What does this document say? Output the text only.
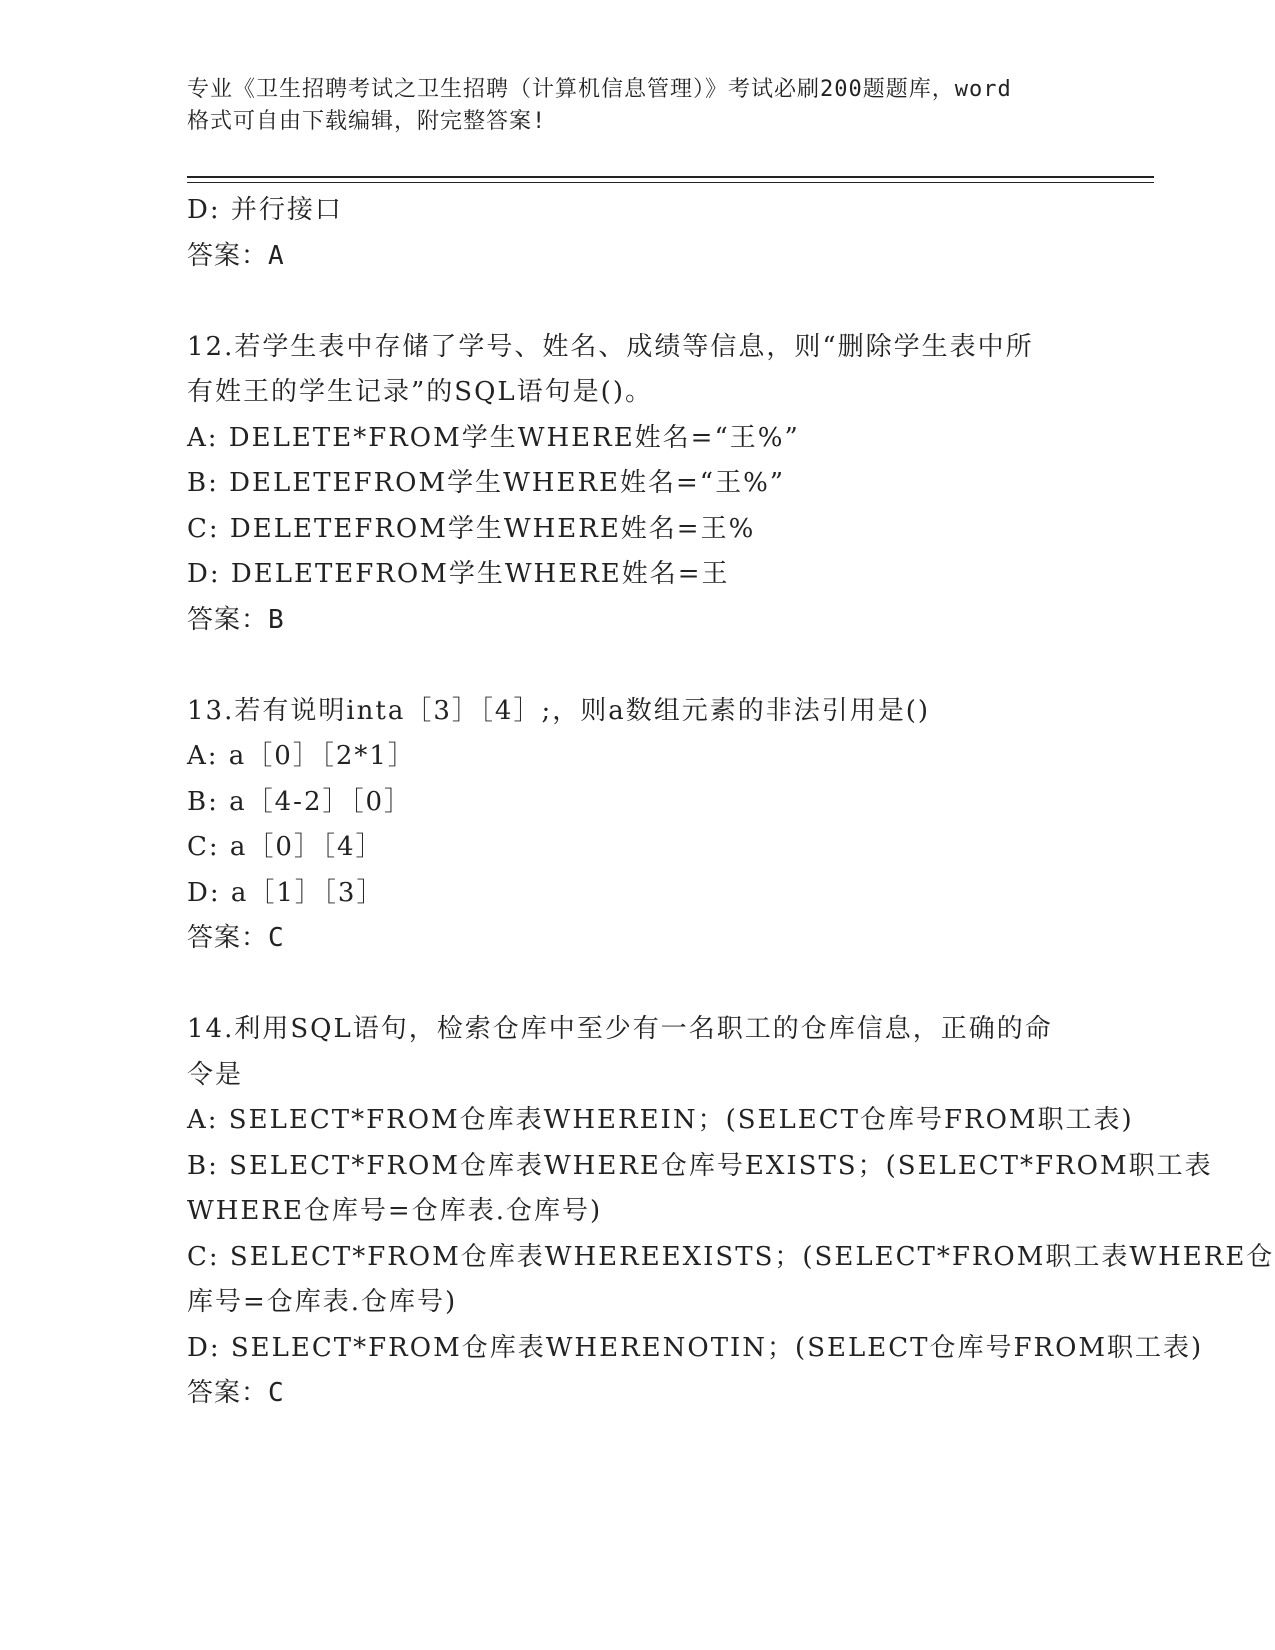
专业《卫生招聘考试之卫生招聘（计算机信息管理）》考试必刷200题题库，word
格式可自由下载编辑，附完整答案!
D: 并行接口
答案：A
12.若学生表中存储了学号、姓名、成绩等信息，则“删除学生表中所
有姓王的学生记录”的SQL语句是()。
A: DELETE*FROM学生WHERE姓名=“王%”
B: DELETEFROM学生WHERE姓名=“王%”
C: DELETEFROM学生WHERE姓名=王%
D: DELETEFROM学生WHERE姓名=王
答案：B
13.若有说明inta［3］［4］;，则a数组元素的非法引用是()
A: a［0］［2*1］
B: a［4-2］［0］
C: a［0］［4］
D: a［1］［3］
答案：C
14.利用SQL语句，检索仓库中至少有一名职工的仓库信息，正确的命
令是
A: SELECT*FROM仓库表WHEREIN；(SELECT仓库号FROM职工表)
B: SELECT*FROM仓库表WHERE仓库号EXISTS；(SELECT*FROM职工表
WHERE仓库号=仓库表.仓库号)
C: SELECT*FROM仓库表WHEREEXISTS；(SELECT*FROM职工表WHERE仓
库号=仓库表.仓库号)
D: SELECT*FROM仓库表WHERENOTIN；(SELECT仓库号FROM职工表)
答案：C
